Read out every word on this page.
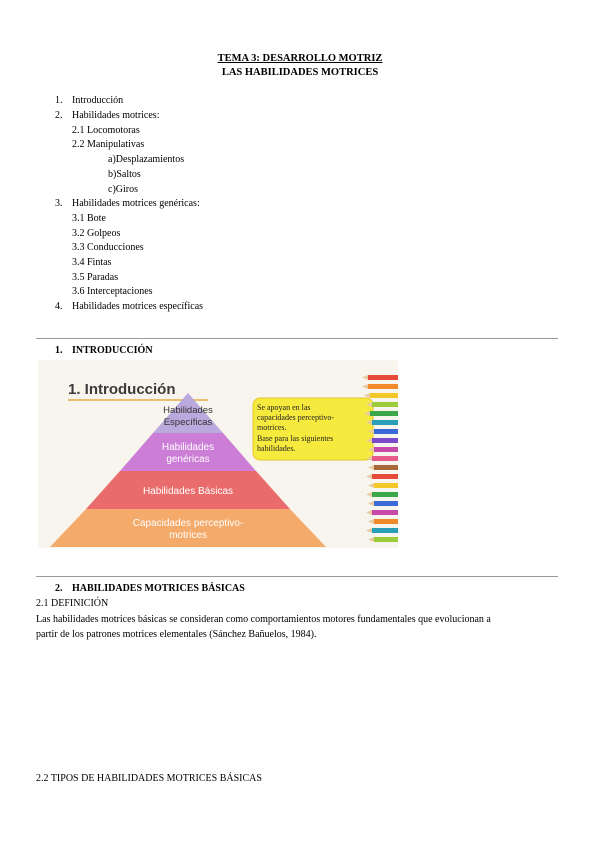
TEMA 3: DESARROLLO MOTRIZ
LAS HABILIDADES MOTRICES
1. Introducción
2. Habilidades motrices:
2.1 Locomotoras
2.2 Manipulativas
a)Desplazamientos
b)Saltos
c)Giros
3. Habilidades motrices genéricas:
3.1 Bote
3.2 Golpeos
3.3 Conducciones
3.4 Fintas
3.5 Paradas
3.6 Interceptaciones
4. Habilidades motrices específicas
1. INTRODUCCIÓN
1. Introducción
Habilidades
Específicas
Habilidades
genéricas
Habilidades Básicas
Capacidades perceptivo-
motrices
Se apoyan en las
capacidades perceptivo-
motrices.
Base para las siguientes
habilidades.
2. HABILIDADES MOTRICES BÁSICAS
2.1 DEFINICIÓN
Las habilidades motrices básicas se consideran como comportamientos motores fundamentales que evolucionan a
partir de los patrones motrices elementales (Sánchez Bañuelos, 1984).
2.2 TIPOS DE HABILIDADES MOTRICES BÁSICAS
